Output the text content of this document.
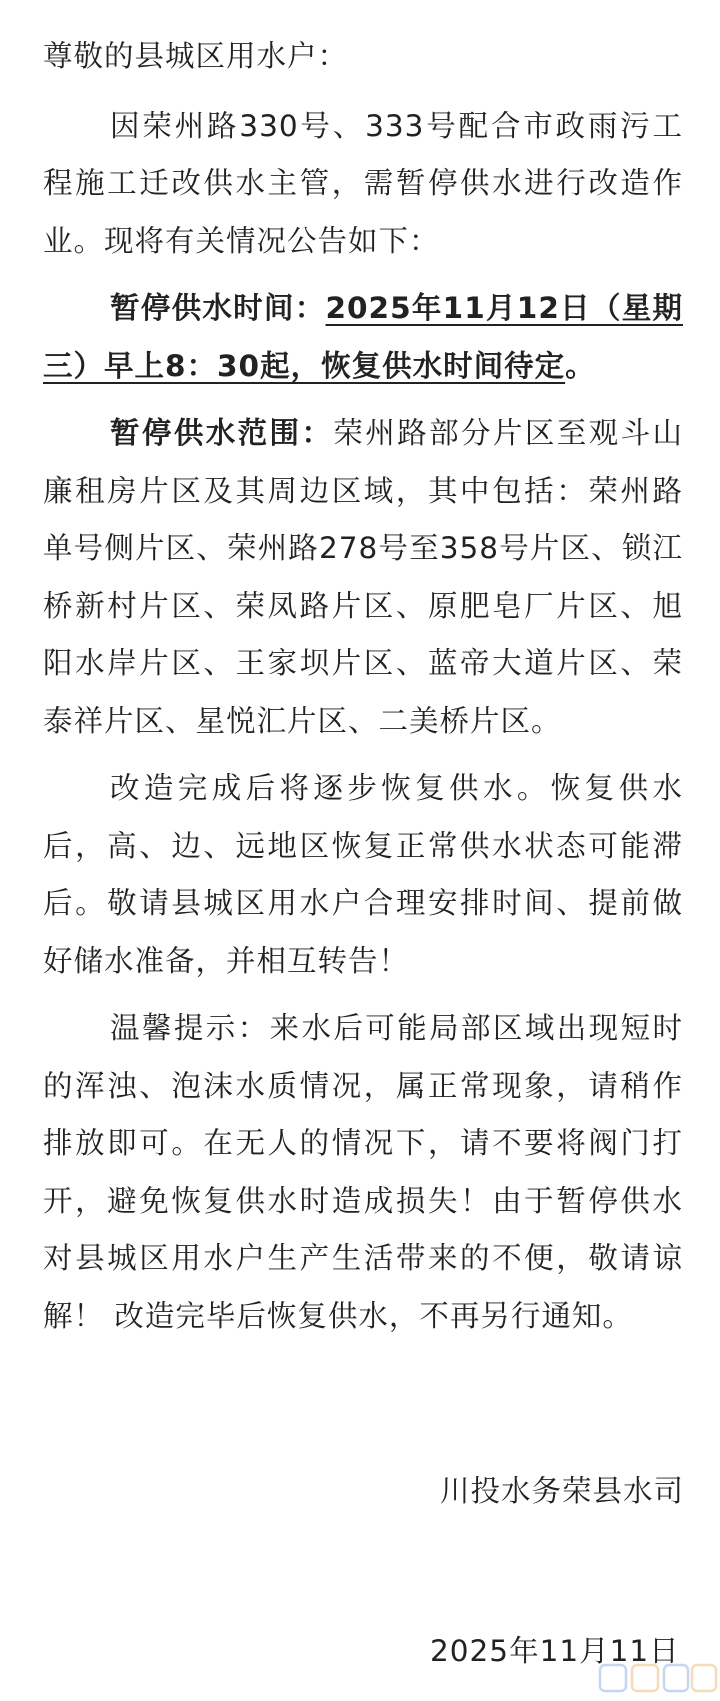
尊敬的县城区用水户：

因荣州路330号、333号配合市政雨污工程施工迁改供水主管，需暂停供水进行改造作业。现将有关情况公告如下：

暂停供水时间：2025年11月12日（星期三）早上8：30起，恢复供水时间待定。

暂停供水范围：荣州路部分片区至观斗山廉租房片区及其周边区域，其中包括：荣州路单号侧片区、荣州路278号至358号片区、锁江桥新村片区、荣凤路片区、原肥皂厂片区、旭阳水岸片区、王家坝片区、蓝帝大道片区、荣泰祥片区、星悦汇片区、二美桥片区。

改造完成后将逐步恢复供水。恢复供水后，高、边、远地区恢复正常供水状态可能滞后。敬请县城区用水户合理安排时间、提前做好储水准备，并相互转告！

温馨提示：来水后可能局部区域出现短时的浑浊、泡沫水质情况，属正常现象，请稍作排放即可。在无人的情况下，请不要将阀门打开，避免恢复供水时造成损失！由于暂停供水对县城区用水户生产生活带来的不便，敬请谅解！ 改造完毕后恢复供水，不再另行通知。

川投水务荣县水司
2025年11月11日
